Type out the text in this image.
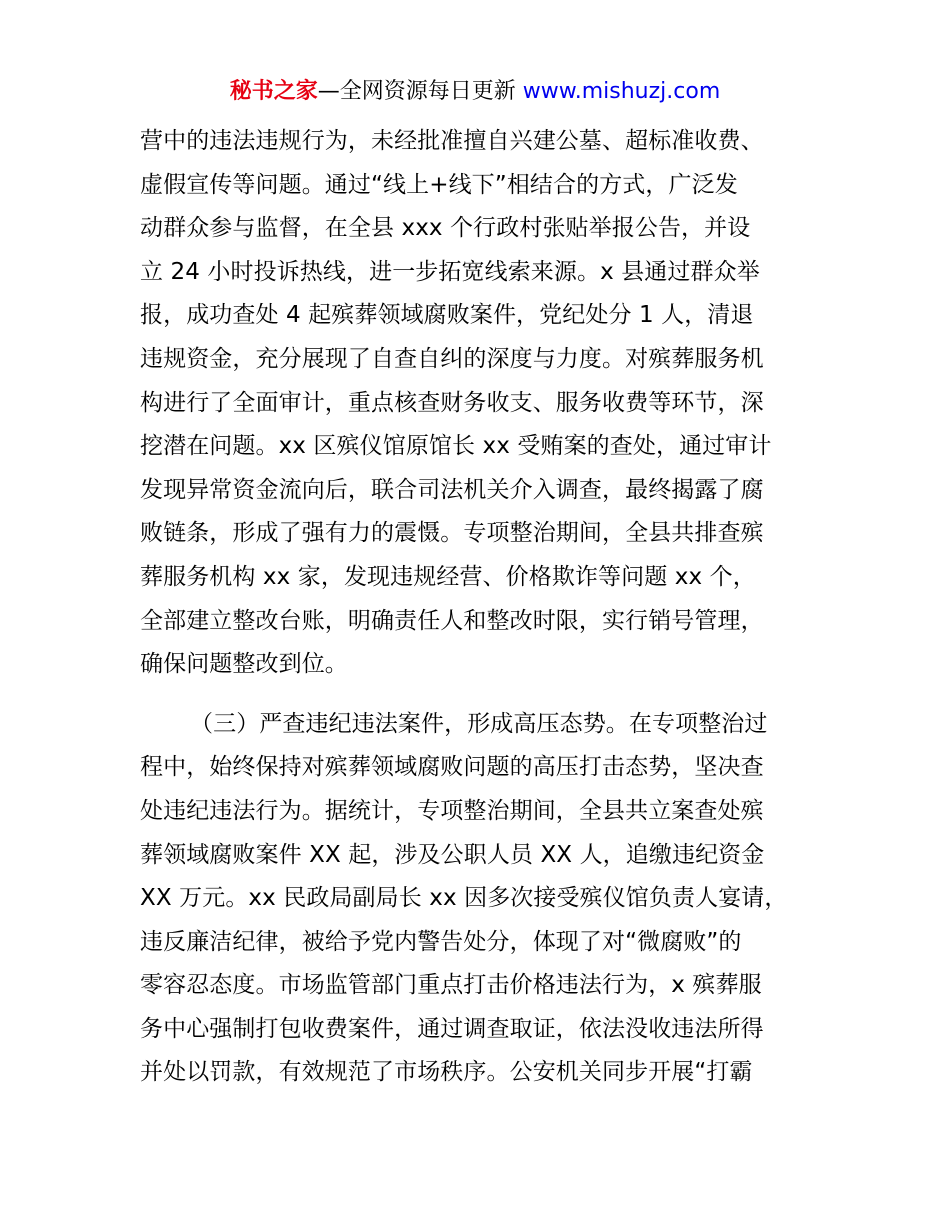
秘书之家—全网资源每日更新 www.mishuzj.com
营中的违法违规行为，未经批准擅自兴建公墓、超标准收费、
虚假宣传等问题。通过“线上+线下”相结合的方式，广泛发
动群众参与监督，在全县 xxx 个行政村张贴举报公告，并设
立 24 小时投诉热线，进一步拓宽线索来源。x 县通过群众举
报，成功查处 4 起殡葬领域腐败案件，党纪处分 1 人，清退
违规资金，充分展现了自查自纠的深度与力度。对殡葬服务机
构进行了全面审计，重点核查财务收支、服务收费等环节，深
挖潜在问题。xx 区殡仪馆原馆长 xx 受贿案的查处，通过审计
发现异常资金流向后，联合司法机关介入调查，最终揭露了腐
败链条，形成了强有力的震慑。专项整治期间，全县共排查殡
葬服务机构 xx 家，发现违规经营、价格欺诈等问题 xx 个，
全部建立整改台账，明确责任人和整改时限，实行销号管理，
确保问题整改到位。
（三）严查违纪违法案件，形成高压态势。在专项整治过
程中，始终保持对殡葬领域腐败问题的高压打击态势，坚决查
处违纪违法行为。据统计，专项整治期间，全县共立案查处殡
葬领域腐败案件 XX 起，涉及公职人员 XX 人，追缴违纪资金
XX 万元。xx 民政局副局长 xx 因多次接受殡仪馆负责人宴请，
违反廉洁纪律，被给予党内警告处分，体现了对“微腐败”的
零容忍态度。市场监管部门重点打击价格违法行为，x 殡葬服
务中心强制打包收费案件，通过调查取证，依法没收违法所得
并处以罚款，有效规范了市场秩序。公安机关同步开展“打霸
